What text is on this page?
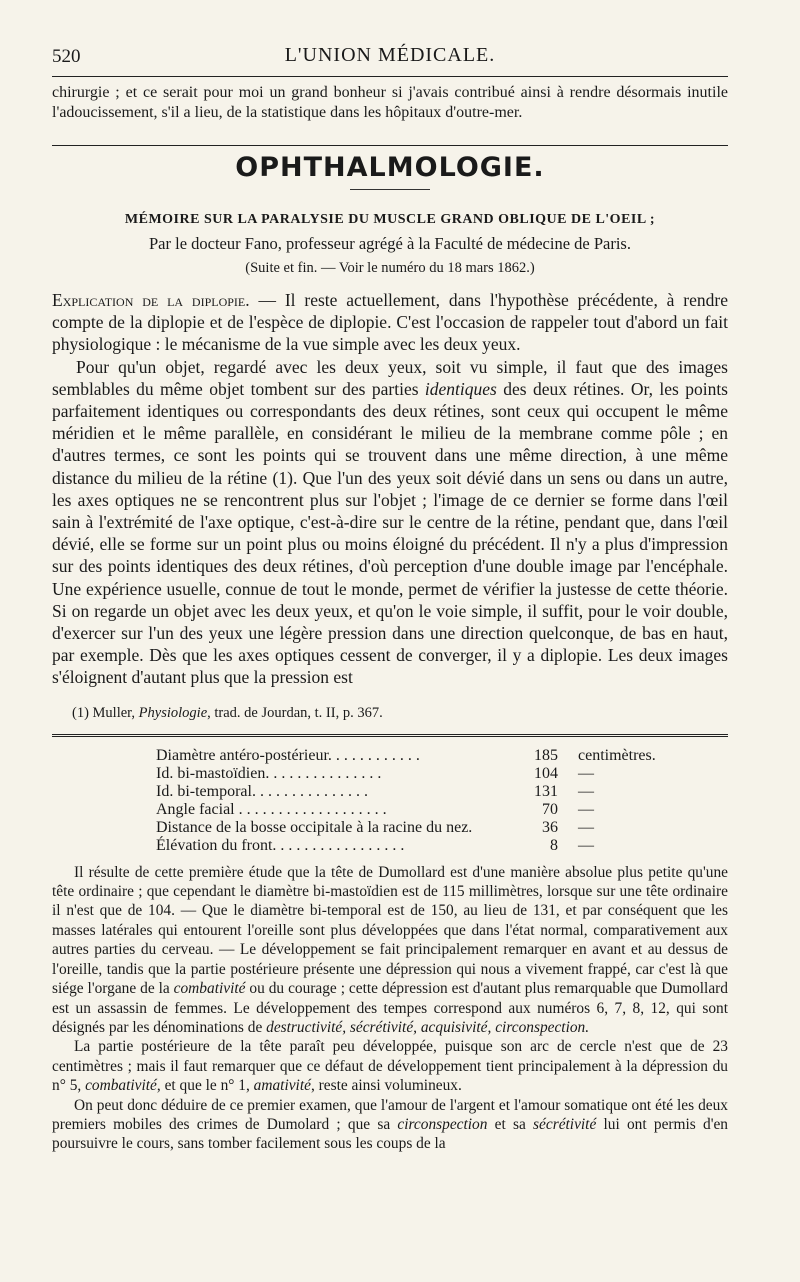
520	L'UNION MÉDICALE.

chirurgie ; et ce serait pour moi un grand bonheur si j'avais contribué ainsi à rendre désormais inutile l'adoucissement, s'il a lieu, de la statistique dans les hôpitaux d'outre-mer.

OPHTHALMOLOGIE.
MÉMOIRE SUR LA PARALYSIE DU MUSCLE GRAND OBLIQUE DE L'OEIL ;
Par le docteur Fano, professeur agrégé à la Faculté de médecine de Paris.
(Suite et fin. — Voir le numéro du 18 mars 1862.)

Explication de la diplopie. — Il reste actuellement, dans l'hypothèse précédente, à rendre compte de la diplopie et de l'espèce de diplopie. C'est l'occasion de rappeler tout d'abord un fait physiologique : le mécanisme de la vue simple avec les deux yeux.

Pour qu'un objet, regardé avec les deux yeux, soit vu simple, il faut que des images semblables du même objet tombent sur des parties identiques des deux rétines. Or, les points parfaitement identiques ou correspondants des deux rétines, sont ceux qui occupent le même méridien et le même parallèle, en considérant le milieu de la membrane comme pôle ; en d'autres termes, ce sont les points qui se trouvent dans une même direction, à une même distance du milieu de la rétine (1). Que l'un des yeux soit dévié dans un sens ou dans un autre, les axes optiques ne se rencontrent plus sur l'objet ; l'image de ce dernier se forme dans l'œil sain à l'extrémité de l'axe optique, c'est-à-dire sur le centre de la rétine, pendant que, dans l'œil dévié, elle se forme sur un point plus ou moins éloigné du précédent. Il n'y a plus d'impression sur des points identiques des deux rétines, d'où perception d'une double image par l'encéphale. Une expérience usuelle, connue de tout le monde, permet de vérifier la justesse de cette théorie. Si on regarde un objet avec les deux yeux, et qu'on le voie simple, il suffit, pour le voir double, d'exercer sur l'un des yeux une légère pression dans une direction quelconque, de bas en haut, par exemple. Dès que les axes optiques cessent de converger, il y a diplopie. Les deux images s'éloignent d'autant plus que la pression est

(1) Muller, Physiologie, trad. de Jourdan, t. II, p. 367.
Diamètre antéro-postérieur. . . . . . . . . . . .	185	centimètres.
Id. bi-mastoïdien. . . . . . . . . . . . . . .	104	—
Id. bi-temporal. . . . . . . . . . . . . . .	131	—
Angle facial . . . . . . . . . . . . . . . . . . .	70	—
Distance de la bosse occipitale à la racine du nez.	36	—
Élévation du front. . . . . . . . . . . . . . . . .	8	—

Il résulte de cette première étude que la tête de Dumollard est d'une manière absolue plus petite qu'une tête ordinaire ; que cependant le diamètre bi-mastoïdien est de 115 millimètres, lorsque sur une tête ordinaire il n'est que de 104. — Que le diamètre bi-temporal est de 150, au lieu de 131, et par conséquent que les masses latérales qui entourent l'oreille sont plus développées que dans l'état normal, comparativement aux autres parties du cerveau. — Le développement se fait principalement remarquer en avant et au dessus de l'oreille, tandis que la partie postérieure présente une dépression qui nous a vivement frappé, car c'est là que siége l'organe de la combativité ou du courage ; cette dépression est d'autant plus remarquable que Dumollard est un assassin de femmes. Le développement des tempes correspond aux numéros 6, 7, 8, 12, qui sont désignés par les dénominations de destructivité, sécrétivité, acquisivité, circonspection.

La partie postérieure de la tête paraît peu développée, puisque son arc de cercle n'est que de 23 centimètres ; mais il faut remarquer que ce défaut de développement tient principalement à la dépression du n° 5, combativité, et que le n° 1, amativité, reste ainsi volumineux.

On peut donc déduire de ce premier examen, que l'amour de l'argent et l'amour somatique ont été les deux premiers mobiles des crimes de Dumolard ; que sa circonspection et sa sécrétivité lui ont permis d'en poursuivre le cours, sans tomber facilement sous les coups de la
